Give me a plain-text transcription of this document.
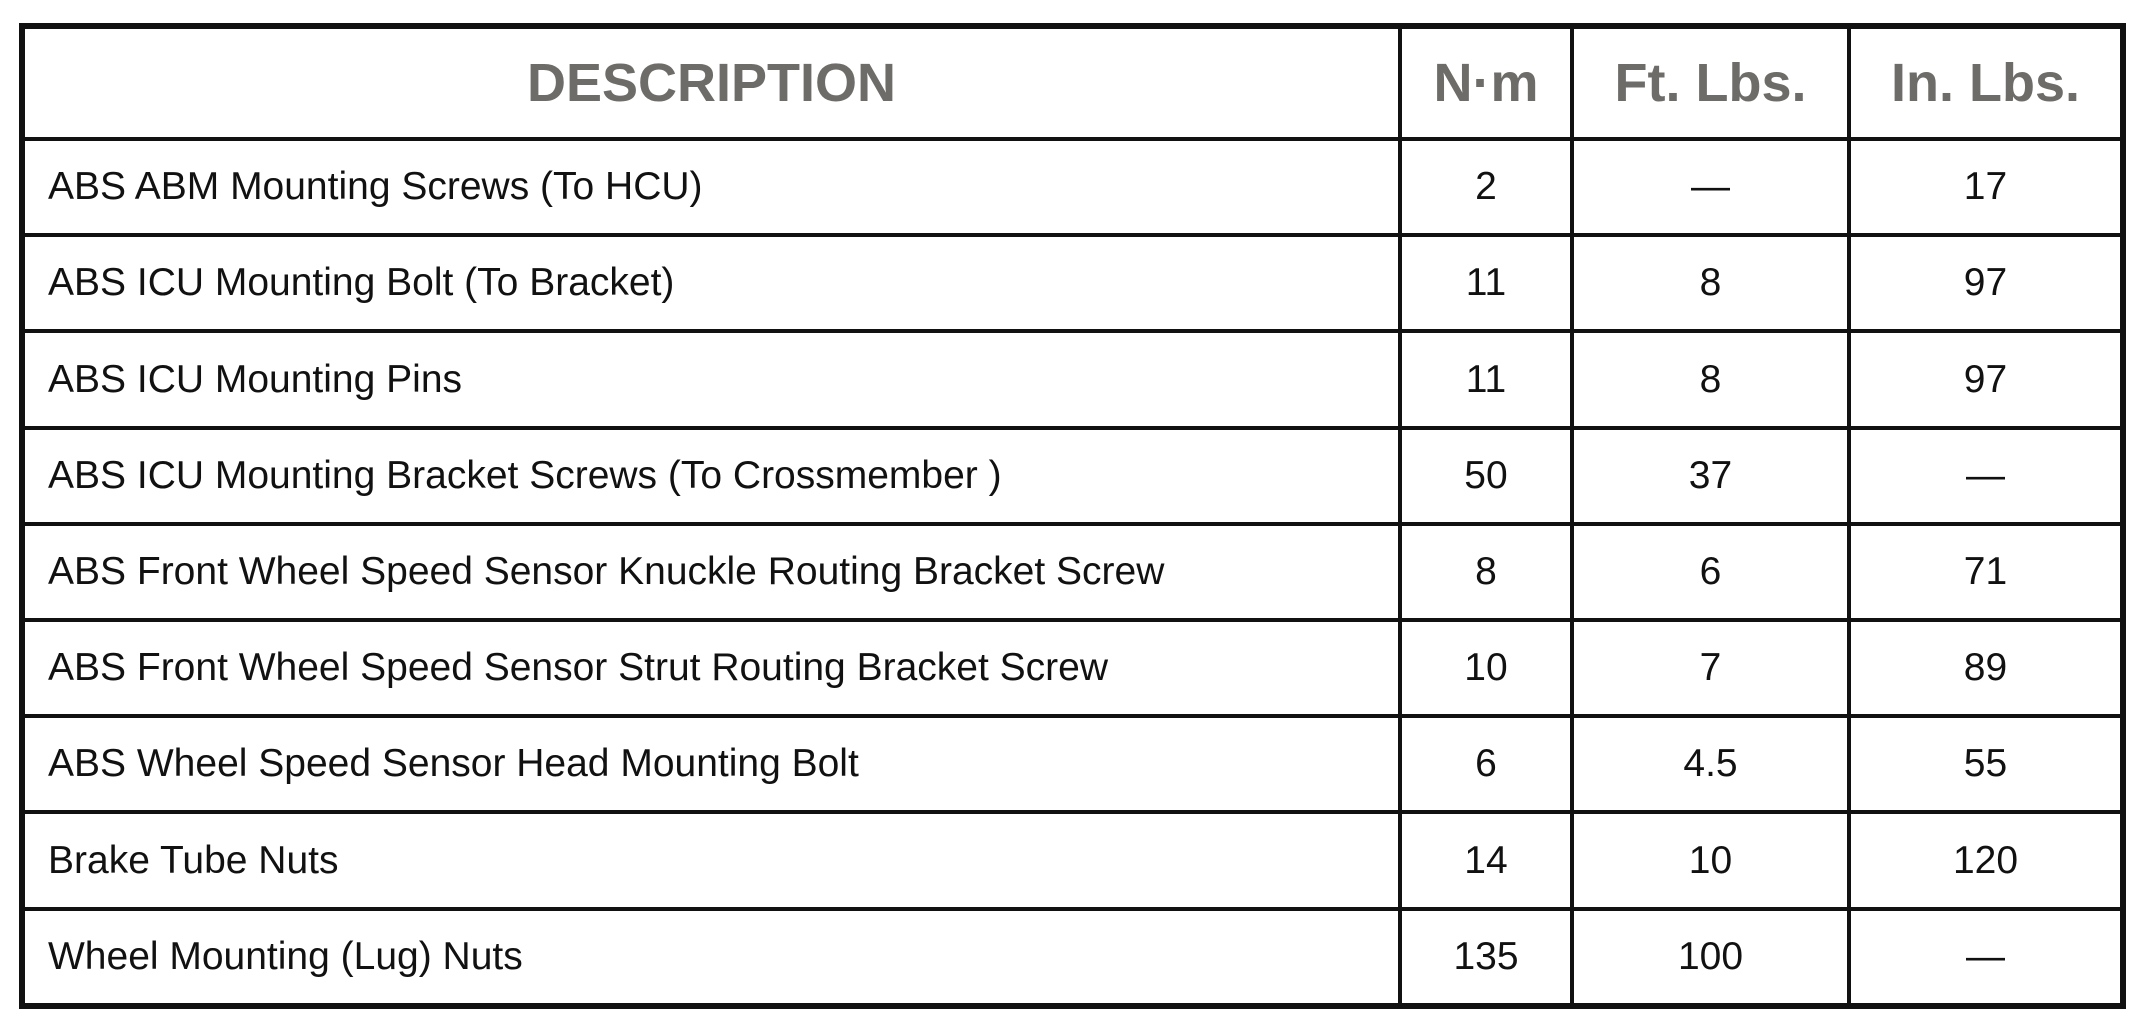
DESCRIPTION	N·m	Ft. Lbs.	In. Lbs.
ABS ABM Mounting Screws (To HCU)	2	—	17
ABS ICU Mounting Bolt (To Bracket)	11	8	97
ABS ICU Mounting Pins	11	8	97
ABS ICU Mounting Bracket Screws (To Crossmember )	50	37	—
ABS Front Wheel Speed Sensor Knuckle Routing Bracket Screw	8	6	71
ABS Front Wheel Speed Sensor Strut Routing Bracket Screw	10	7	89
ABS Wheel Speed Sensor Head Mounting Bolt	6	4.5	55
Brake Tube Nuts	14	10	120
Wheel Mounting (Lug) Nuts	135	100	—
